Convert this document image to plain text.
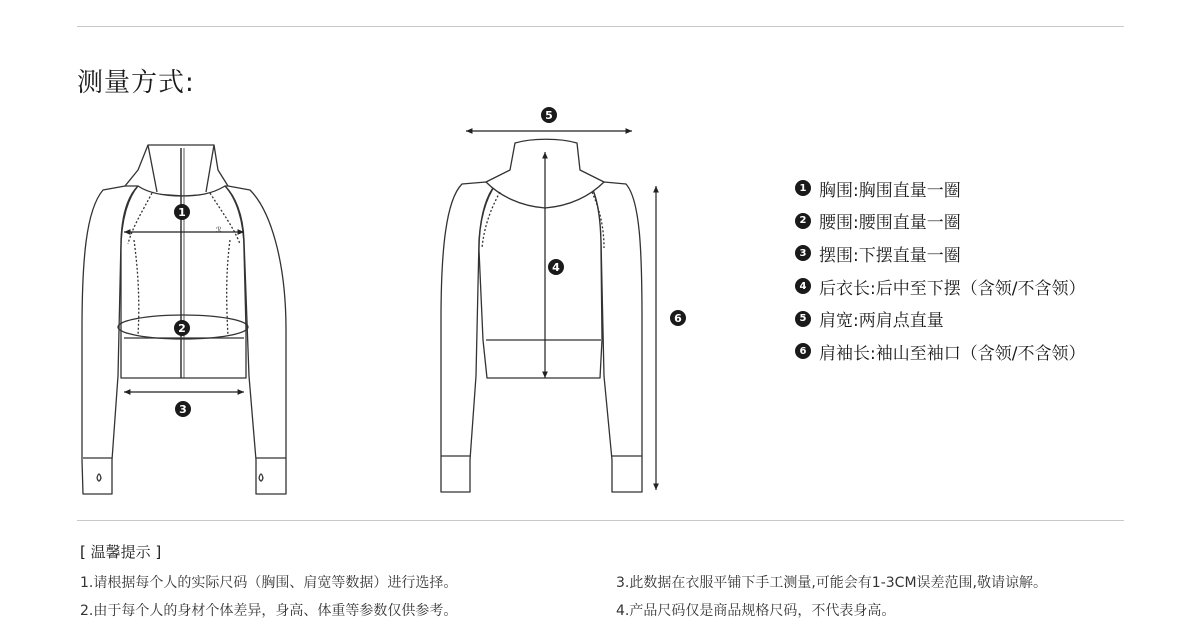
测量方式:
ℛ
1
2
3
4
5
6
1 胸围: 胸围直量一圈
2 腰围: 腰围直量一圈
3 摆围: 下摆直量一圈
4 后衣长: 后中至下摆（含领/不含领）
5 肩宽: 两肩点直量
6 肩袖长: 袖山至袖口（含领/不含领）
[ 温馨提示 ]
1.请根据每个人的实际尺码（胸围、肩宽等数据）进行选择。
2.由于每个人的身材个体差异，身高、体重等参数仅供参考。
3.此数据在衣服平铺下手工测量,可能会有1-3CM误差范围,敬请谅解。
4.产品尺码仅是商品规格尺码，不代表身高。
